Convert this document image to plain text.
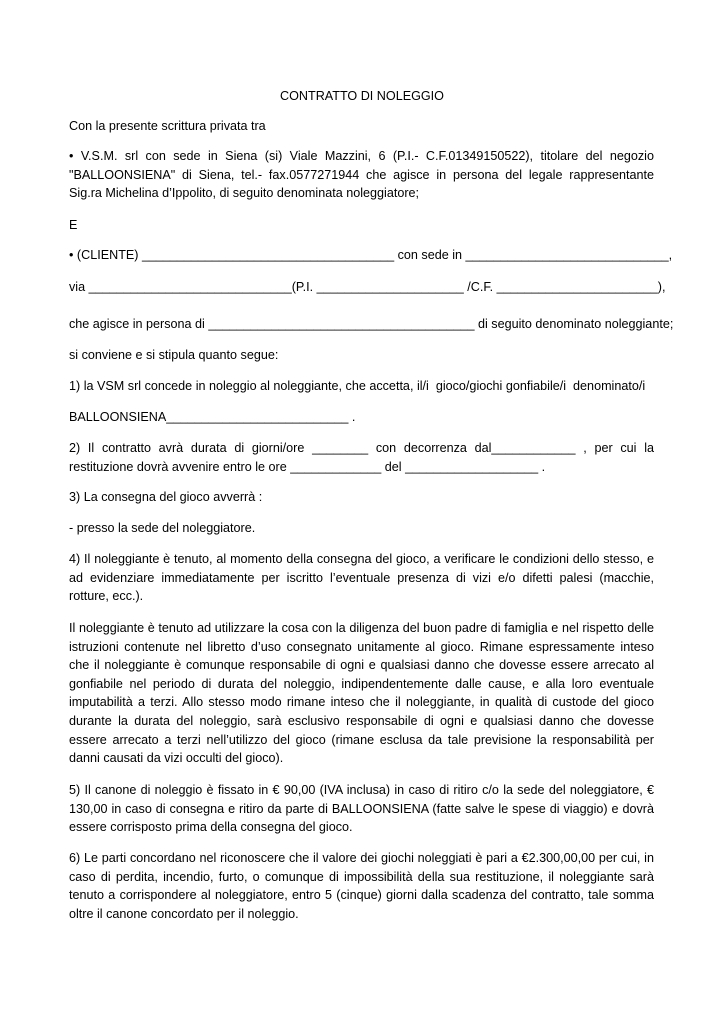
CONTRATTO DI NOLEGGIO
Con la presente scrittura privata tra
• V.S.M. srl con sede in Siena (si) Viale Mazzini, 6 (P.I.- C.F.01349150522), titolare del negozio "BALLOONSIENA" di Siena, tel.- fax.0577271944 che agisce in persona del legale rappresentante Sig.ra Michelina d’Ippolito, di seguito denominata noleggiatore;
E
• (CLIENTE) ____________________________________ con sede in _____________________________,
via _____________________________(P.I. _____________________ /C.F. _______________________),
che agisce in persona di ______________________________________ di seguito denominato noleggiante;
si conviene e si stipula quanto segue:
1) la VSM srl concede in noleggio al noleggiante, che accetta, il/i  gioco/giochi gonfiabile/i  denominato/i
BALLOONSIENA__________________________ .
2) Il contratto avrà durata di giorni/ore ________ con decorrenza dal____________ , per cui la restituzione dovrà avvenire entro le ore _____________ del ___________________ .
3) La consegna del gioco avverrà :
- presso la sede del noleggiatore.
4) Il noleggiante è tenuto, al momento della consegna del gioco, a verificare le condizioni dello stesso, e ad evidenziare immediatamente per iscritto l’eventuale presenza di vizi e/o difetti palesi (macchie, rotture, ecc.).
Il noleggiante è tenuto ad utilizzare la cosa con la diligenza del buon padre di famiglia e nel rispetto delle istruzioni contenute nel libretto d’uso consegnato unitamente al gioco. Rimane espressamente inteso che il noleggiante è comunque responsabile di ogni e qualsiasi danno che dovesse essere arrecato al gonfiabile nel periodo di durata del noleggio, indipendentemente dalle cause, e alla loro eventuale imputabilità a terzi. Allo stesso modo rimane inteso che il noleggiante, in qualità di custode del gioco durante la durata del noleggio, sarà esclusivo responsabile di ogni e qualsiasi danno che dovesse essere arrecato a terzi nell’utilizzo del gioco (rimane esclusa da tale previsione la responsabilità per danni causati da vizi occulti del gioco).
5) Il canone di noleggio è fissato in € 90,00 (IVA inclusa) in caso di ritiro c/o la sede del noleggiatore, € 130,00 in caso di consegna e ritiro da parte di BALLOONSIENA (fatte salve le spese di viaggio) e dovrà essere corrisposto prima della consegna del gioco.
6) Le parti concordano nel riconoscere che il valore dei giochi noleggiati è pari a €2.300,00,00 per cui, in caso di perdita, incendio, furto, o comunque di impossibilità della sua restituzione, il noleggiante sarà tenuto a corrispondere al noleggiatore, entro 5 (cinque) giorni dalla scadenza del contratto, tale somma oltre il canone concordato per il noleggio.
